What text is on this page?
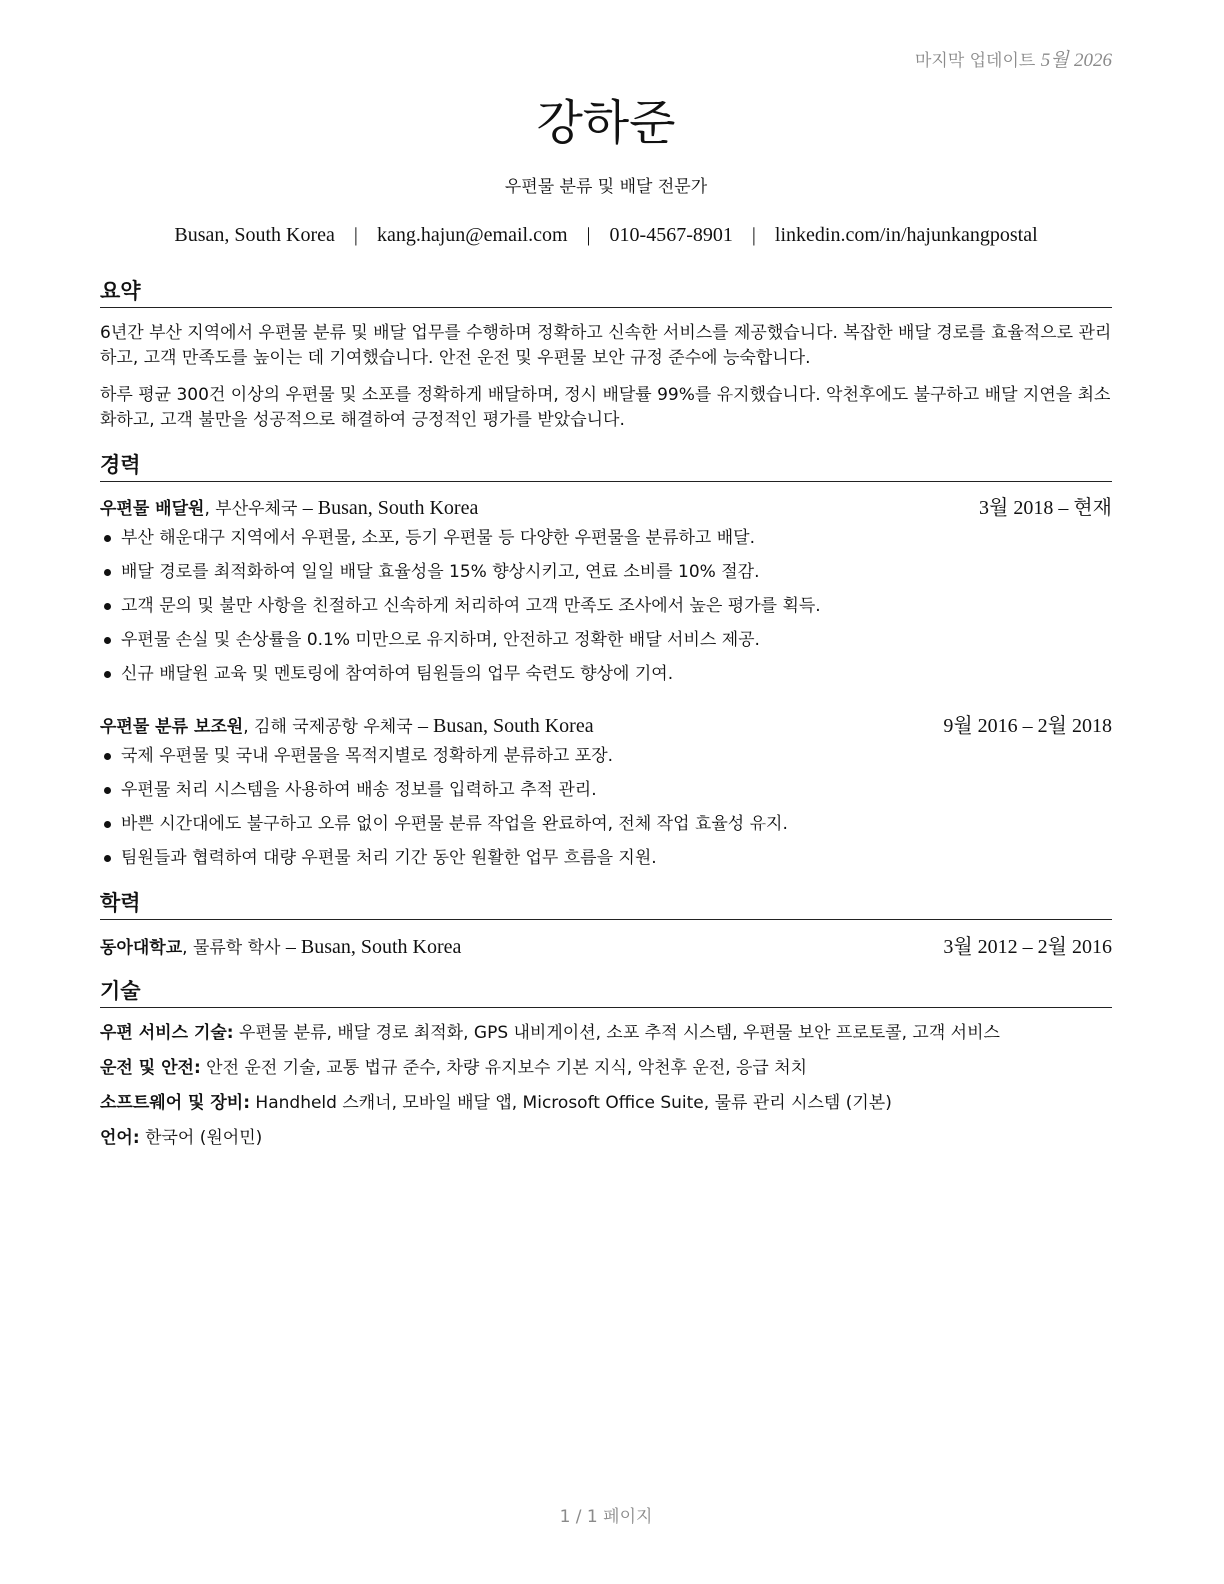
마지막 업데이트 5월 2026
강하준
우편물 분류 및 배달 전문가
Busan, South Korea | kang.hajun@email.com | 010-4567-8901 | linkedin.com/in/hajunkangpostal
요약

6년간 부산 지역에서 우편물 분류 및 배달 업무를 수행하며 정확하고 신속한 서비스를 제공했습니다. 복잡한 배달 경로를 효율적으로 관리하고, 고객 만족도를 높이는 데 기여했습니다. 안전 운전 및 우편물 보안 규정 준수에 능숙합니다.

하루 평균 300건 이상의 우편물 및 소포를 정확하게 배달하며, 정시 배달률 99%를 유지했습니다. 악천후에도 불구하고 배달 지연을 최소화하고, 고객 불만을 성공적으로 해결하여 긍정적인 평가를 받았습니다.

경력
우편물 배달원, 부산우체국 – Busan, South Korea	3월 2018 – 현재
부산 해운대구 지역에서 우편물, 소포, 등기 우편물 등 다양한 우편물을 분류하고 배달.
배달 경로를 최적화하여 일일 배달 효율성을 15% 향상시키고, 연료 소비를 10% 절감.
고객 문의 및 불만 사항을 친절하고 신속하게 처리하여 고객 만족도 조사에서 높은 평가를 획득.
우편물 손실 및 손상률을 0.1% 미만으로 유지하며, 안전하고 정확한 배달 서비스 제공.
신규 배달원 교육 및 멘토링에 참여하여 팀원들의 업무 숙련도 향상에 기여.
우편물 분류 보조원, 김해 국제공항 우체국 – Busan, South Korea	9월 2016 – 2월 2018
국제 우편물 및 국내 우편물을 목적지별로 정확하게 분류하고 포장.
우편물 처리 시스템을 사용하여 배송 정보를 입력하고 추적 관리.
바쁜 시간대에도 불구하고 오류 없이 우편물 분류 작업을 완료하여, 전체 작업 효율성 유지.
팀원들과 협력하여 대량 우편물 처리 기간 동안 원활한 업무 흐름을 지원.
학력
동아대학교, 물류학 학사 – Busan, South Korea	3월 2012 – 2월 2016
기술
우편 서비스 기술: 우편물 분류, 배달 경로 최적화, GPS 내비게이션, 소포 추적 시스템, 우편물 보안 프로토콜, 고객 서비스
운전 및 안전: 안전 운전 기술, 교통 법규 준수, 차량 유지보수 기본 지식, 악천후 운전, 응급 처치
소프트웨어 및 장비: Handheld 스캐너, 모바일 배달 앱, Microsoft Office Suite, 물류 관리 시스템 (기본)
언어: 한국어 (원어민)
1 / 1 페이지
